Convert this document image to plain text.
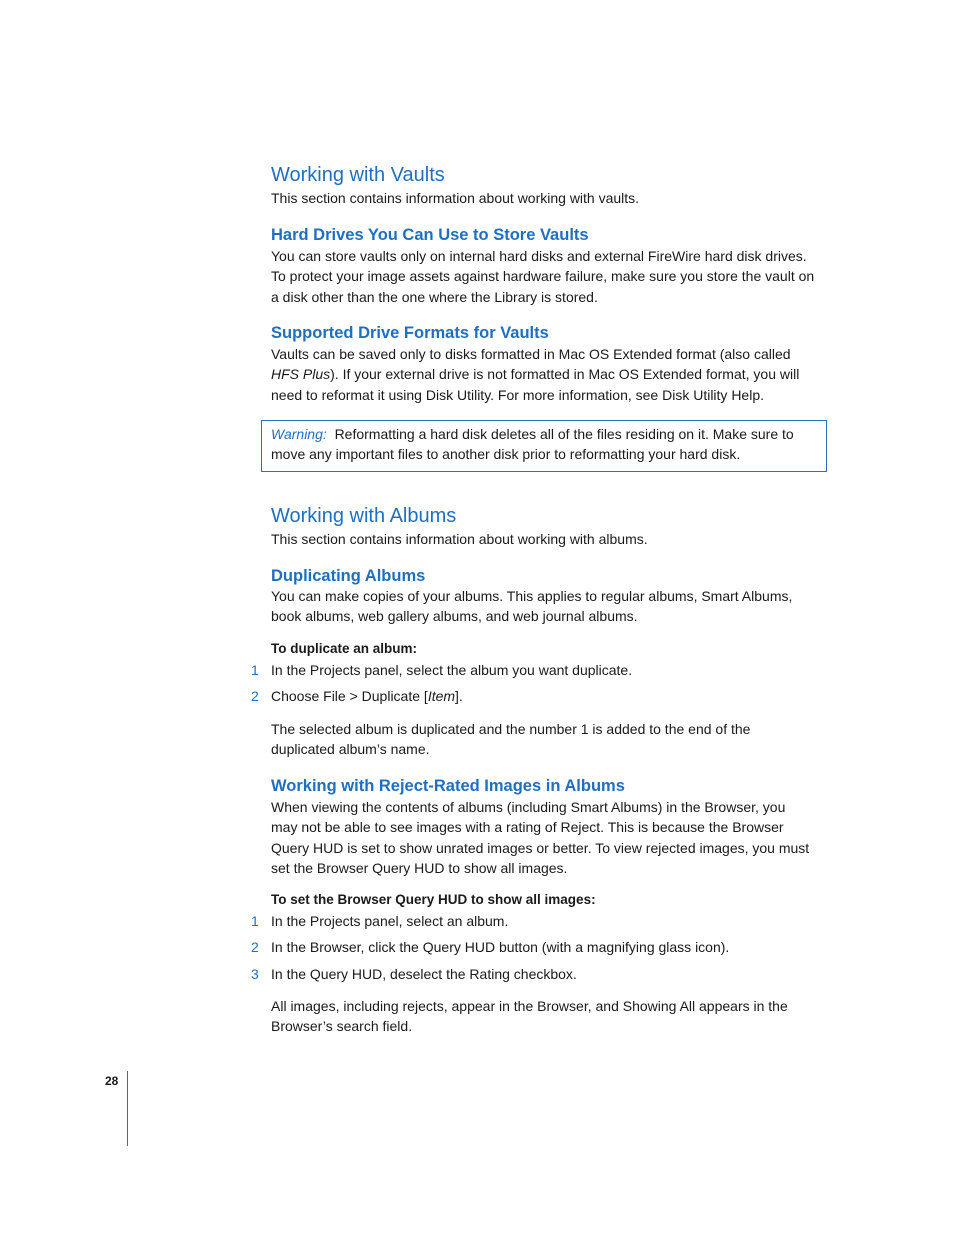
Working with Vaults

This section contains information about working with vaults.

Hard Drives You Can Use to Store Vaults

You can store vaults only on internal hard disks and external FireWire hard disk drives.

To protect your image assets against hardware failure, make sure you store the vault on

a disk other than the one where the Library is stored.

Supported Drive Formats for Vaults

Vaults can be saved only to disks formatted in Mac OS Extended format (also called

HFS Plus). If your external drive is not formatted in Mac OS Extended format, you will

need to reformat it using Disk Utility. For more information, see Disk Utility Help.

Warning: Reformatting a hard disk deletes all of the files residing on it. Make sure to

move any important files to another disk prior to reformatting your hard disk.

Working with Albums

This section contains information about working with albums.

Duplicating Albums

You can make copies of your albums. This applies to regular albums, Smart Albums,

book albums, web gallery albums, and web journal albums.

To duplicate an album:
1 In the Projects panel, select the album you want duplicate.
2 Choose File > Duplicate [Item].

The selected album is duplicated and the number 1 is added to the end of the

duplicated album’s name.

Working with Reject-Rated Images in Albums

When viewing the contents of albums (including Smart Albums) in the Browser, you

may not be able to see images with a rating of Reject. This is because the Browser

Query HUD is set to show unrated images or better. To view rejected images, you must

set the Browser Query HUD to show all images.

To set the Browser Query HUD to show all images:
1 In the Projects panel, select an album.
2 In the Browser, click the Query HUD button (with a magnifying glass icon).
3 In the Query HUD, deselect the Rating checkbox.

All images, including rejects, appear in the Browser, and Showing All appears in the

Browser’s search field.

28
